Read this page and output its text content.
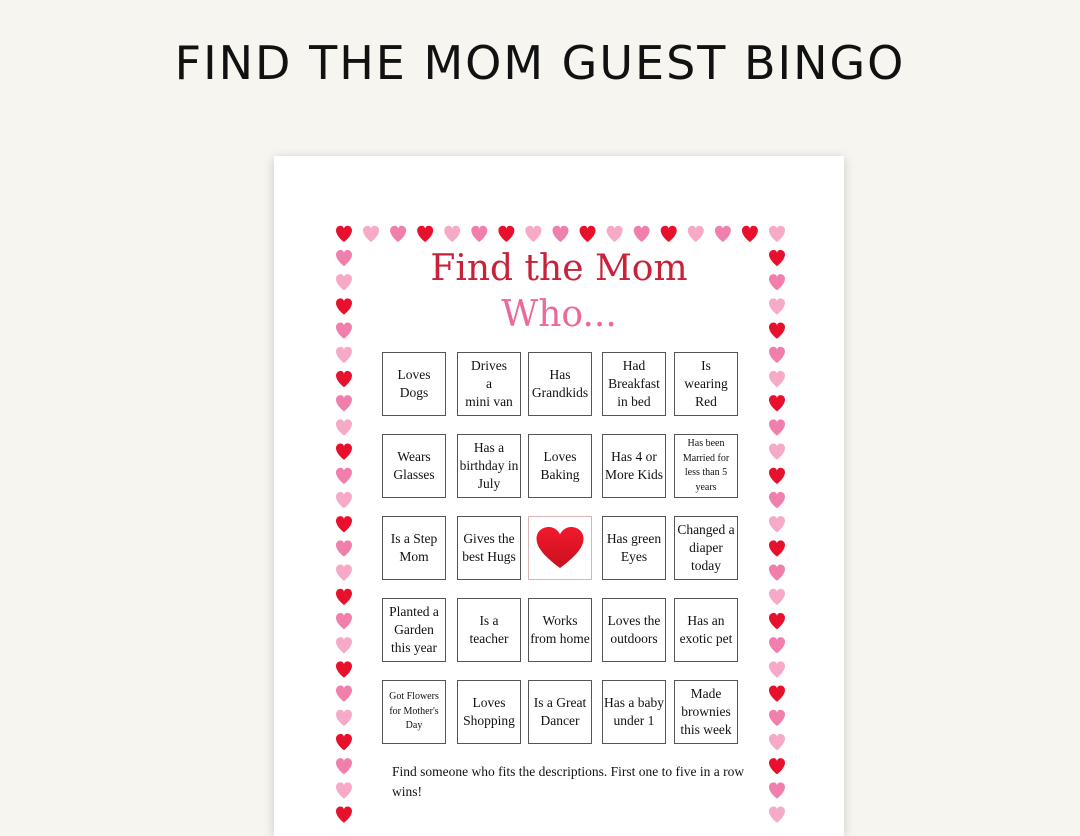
FIND THE MOM GUEST BINGO
Find the Mom
Who...
Loves
Dogs
Drives
a
mini van
Has
Grandkids
Had
Breakfast
in bed
Is
wearing
Red
Wears
Glasses
Has a
birthday in
July
Loves
Baking
Has 4 or
More Kids
Has been
Married for
less than 5
years
Is a Step
Mom
Gives the
best Hugs
Has green
Eyes
Changed a
diaper
today
Planted a
Garden
this year
Is a
teacher
Works
from home
Loves the
outdoors
Has an
exotic pet
Got Flowers
for Mother's
Day
Loves
Shopping
Is a Great
Dancer
Has a baby
under 1
Made
brownies
this week
Find someone who fits the descriptions. First one to five in a row wins!
